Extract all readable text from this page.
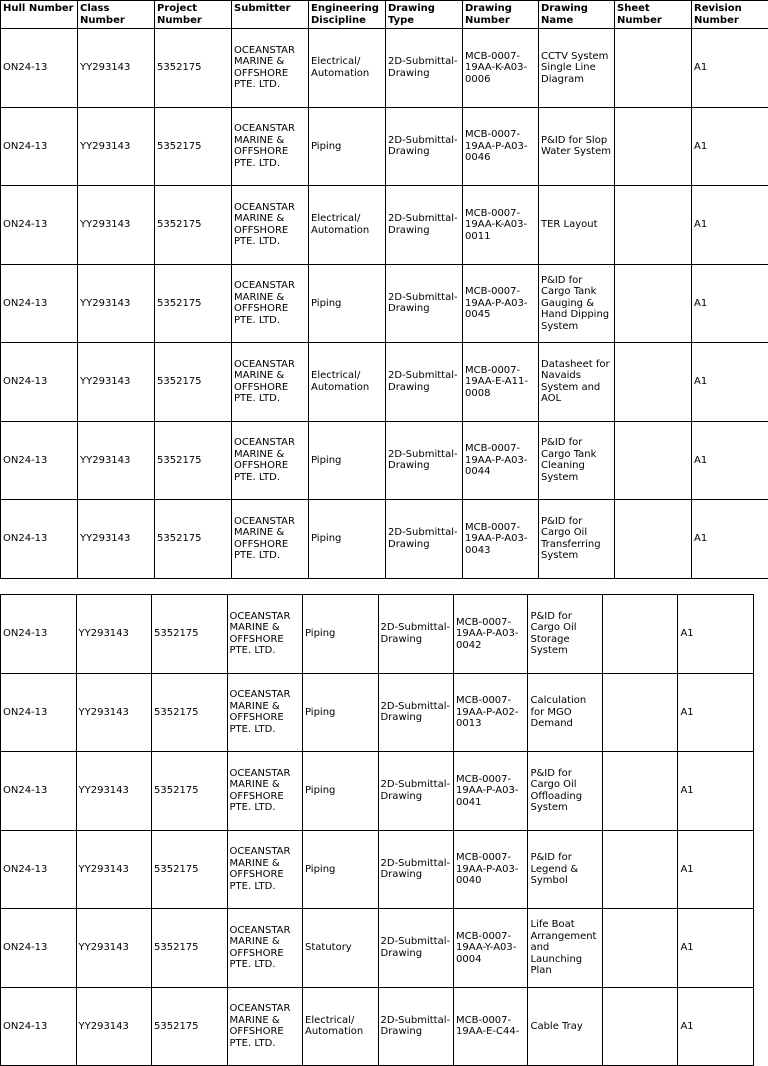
Hull Number	Class Number	Project Number	Submitter	Engineering Discipline	Drawing Type	Drawing Number	Drawing Name	Sheet Number	Revision Number
ON24-13	YY293143	5352175	OCEANSTAR MARINE & OFFSHORE PTE. LTD.	Electrical/ Automation	2D-Submittal-Drawing	MCB-0007-19AA-K-A03-0006	CCTV System Single Line Diagram		A1
ON24-13	YY293143	5352175	OCEANSTAR MARINE & OFFSHORE PTE. LTD.	Piping	2D-Submittal-Drawing	MCB-0007-19AA-P-A03-0046	P&ID for Slop Water System		A1
ON24-13	YY293143	5352175	OCEANSTAR MARINE & OFFSHORE PTE. LTD.	Electrical/ Automation	2D-Submittal-Drawing	MCB-0007-19AA-K-A03-0011	TER Layout		A1
ON24-13	YY293143	5352175	OCEANSTAR MARINE & OFFSHORE PTE. LTD.	Piping	2D-Submittal-Drawing	MCB-0007-19AA-P-A03-0045	P&ID for Cargo Tank Gauging & Hand Dipping System		A1
ON24-13	YY293143	5352175	OCEANSTAR MARINE & OFFSHORE PTE. LTD.	Electrical/ Automation	2D-Submittal-Drawing	MCB-0007-19AA-E-A11-0008	Datasheet for Navaids System and AOL		A1
ON24-13	YY293143	5352175	OCEANSTAR MARINE & OFFSHORE PTE. LTD.	Piping	2D-Submittal-Drawing	MCB-0007-19AA-P-A03-0044	P&ID for Cargo Tank Cleaning System		A1
ON24-13	YY293143	5352175	OCEANSTAR MARINE & OFFSHORE PTE. LTD.	Piping	2D-Submittal-Drawing	MCB-0007-19AA-P-A03-0043	P&ID for Cargo Oil Transferring System		A1
ON24-13	YY293143	5352175	OCEANSTAR MARINE & OFFSHORE PTE. LTD.	Piping	2D-Submittal-Drawing	MCB-0007-19AA-P-A03-0042	P&ID for Cargo Oil Storage System		A1
ON24-13	YY293143	5352175	OCEANSTAR MARINE & OFFSHORE PTE. LTD.	Piping	2D-Submittal-Drawing	MCB-0007-19AA-P-A02-0013	Calculation for MGO Demand		A1
ON24-13	YY293143	5352175	OCEANSTAR MARINE & OFFSHORE PTE. LTD.	Piping	2D-Submittal-Drawing	MCB-0007-19AA-P-A03-0041	P&ID for Cargo Oil Offloading System		A1
ON24-13	YY293143	5352175	OCEANSTAR MARINE & OFFSHORE PTE. LTD.	Piping	2D-Submittal-Drawing	MCB-0007-19AA-P-A03-0040	P&ID for Legend & Symbol		A1
ON24-13	YY293143	5352175	OCEANSTAR MARINE & OFFSHORE PTE. LTD.	Statutory	2D-Submittal-Drawing	MCB-0007-19AA-Y-A03-0004	Life Boat Arrangement and Launching Plan		A1
ON24-13	YY293143	5352175	OCEANSTAR MARINE & OFFSHORE PTE. LTD.	Electrical/ Automation	2D-Submittal-Drawing	MCB-0007-19AA-E-C44-	Cable Tray		A1
